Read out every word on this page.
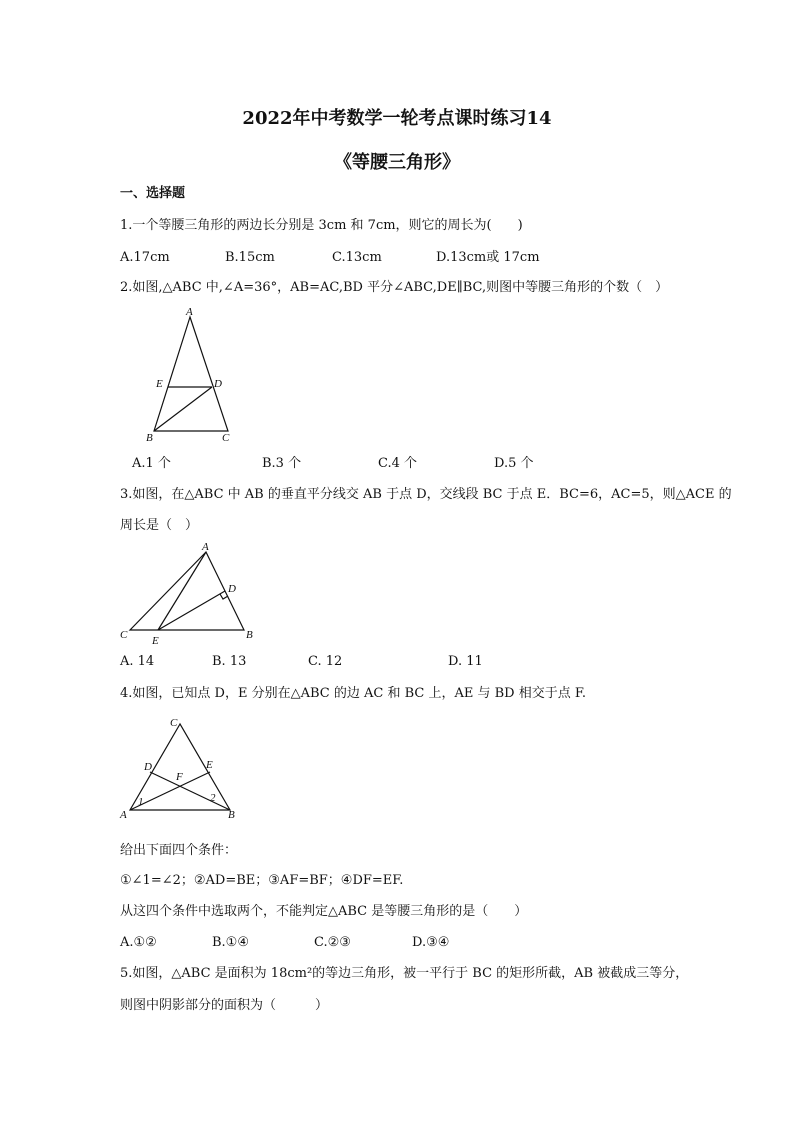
2022年中考数学一轮考点课时练习14
《等腰三角形》
一、选择题
1.一个等腰三角形的两边长分别是 3cm 和 7cm，则它的周长为(　　)
A.17cm	B.15cm	C.13cm	D.13cm或 17cm
2.如图,△ABC 中,∠A=36°，AB=AC,BD 平分∠ABC,DE∥BC,则图中等腰三角形的个数（　）
A
E	D
B	C
A.1 个	B.3 个	C.4 个	D.5 个
3.如图，在△ABC 中 AB 的垂直平分线交 AB 于点 D，交线段 BC 于点 E．BC=6，AC=5，则△ACE 的
周长是（　）
A
D
C E	B
A. 14	B. 13	C. 12	D. 11
4.如图，已知点 D，E 分别在△ABC 的边 AC 和 BC 上，AE 与 BD 相交于点 F.
C
D	E
F
A	B
1	2
给出下面四个条件：
①∠1=∠2；②AD=BE；③AF=BF；④DF=EF.
从这四个条件中选取两个，不能判定△ABC 是等腰三角形的是（　　）
A.①②	B.①④	C.②③	D.③④
5.如图，△ABC 是面积为 18cm²的等边三角形，被一平行于 BC 的矩形所截，AB 被截成三等分，
则图中阴影部分的面积为（　　　）
